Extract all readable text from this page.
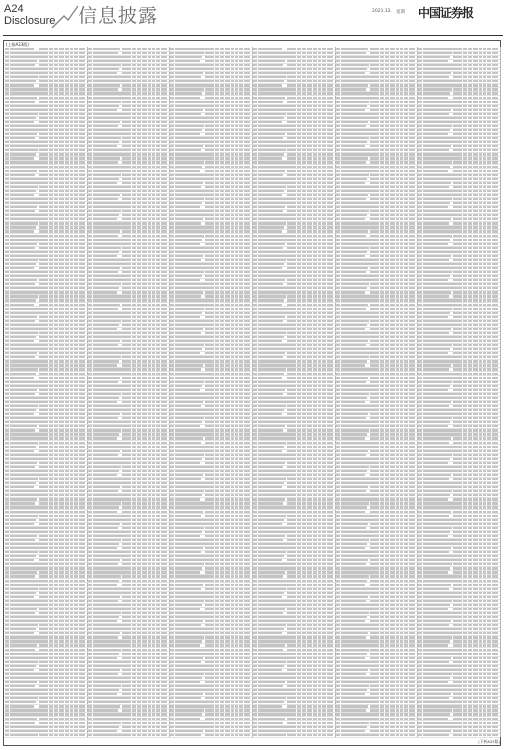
A24
Disclosure 信息披露	2021.12. 星期 中国证券报
(上接A23版)
(下转A25版)
